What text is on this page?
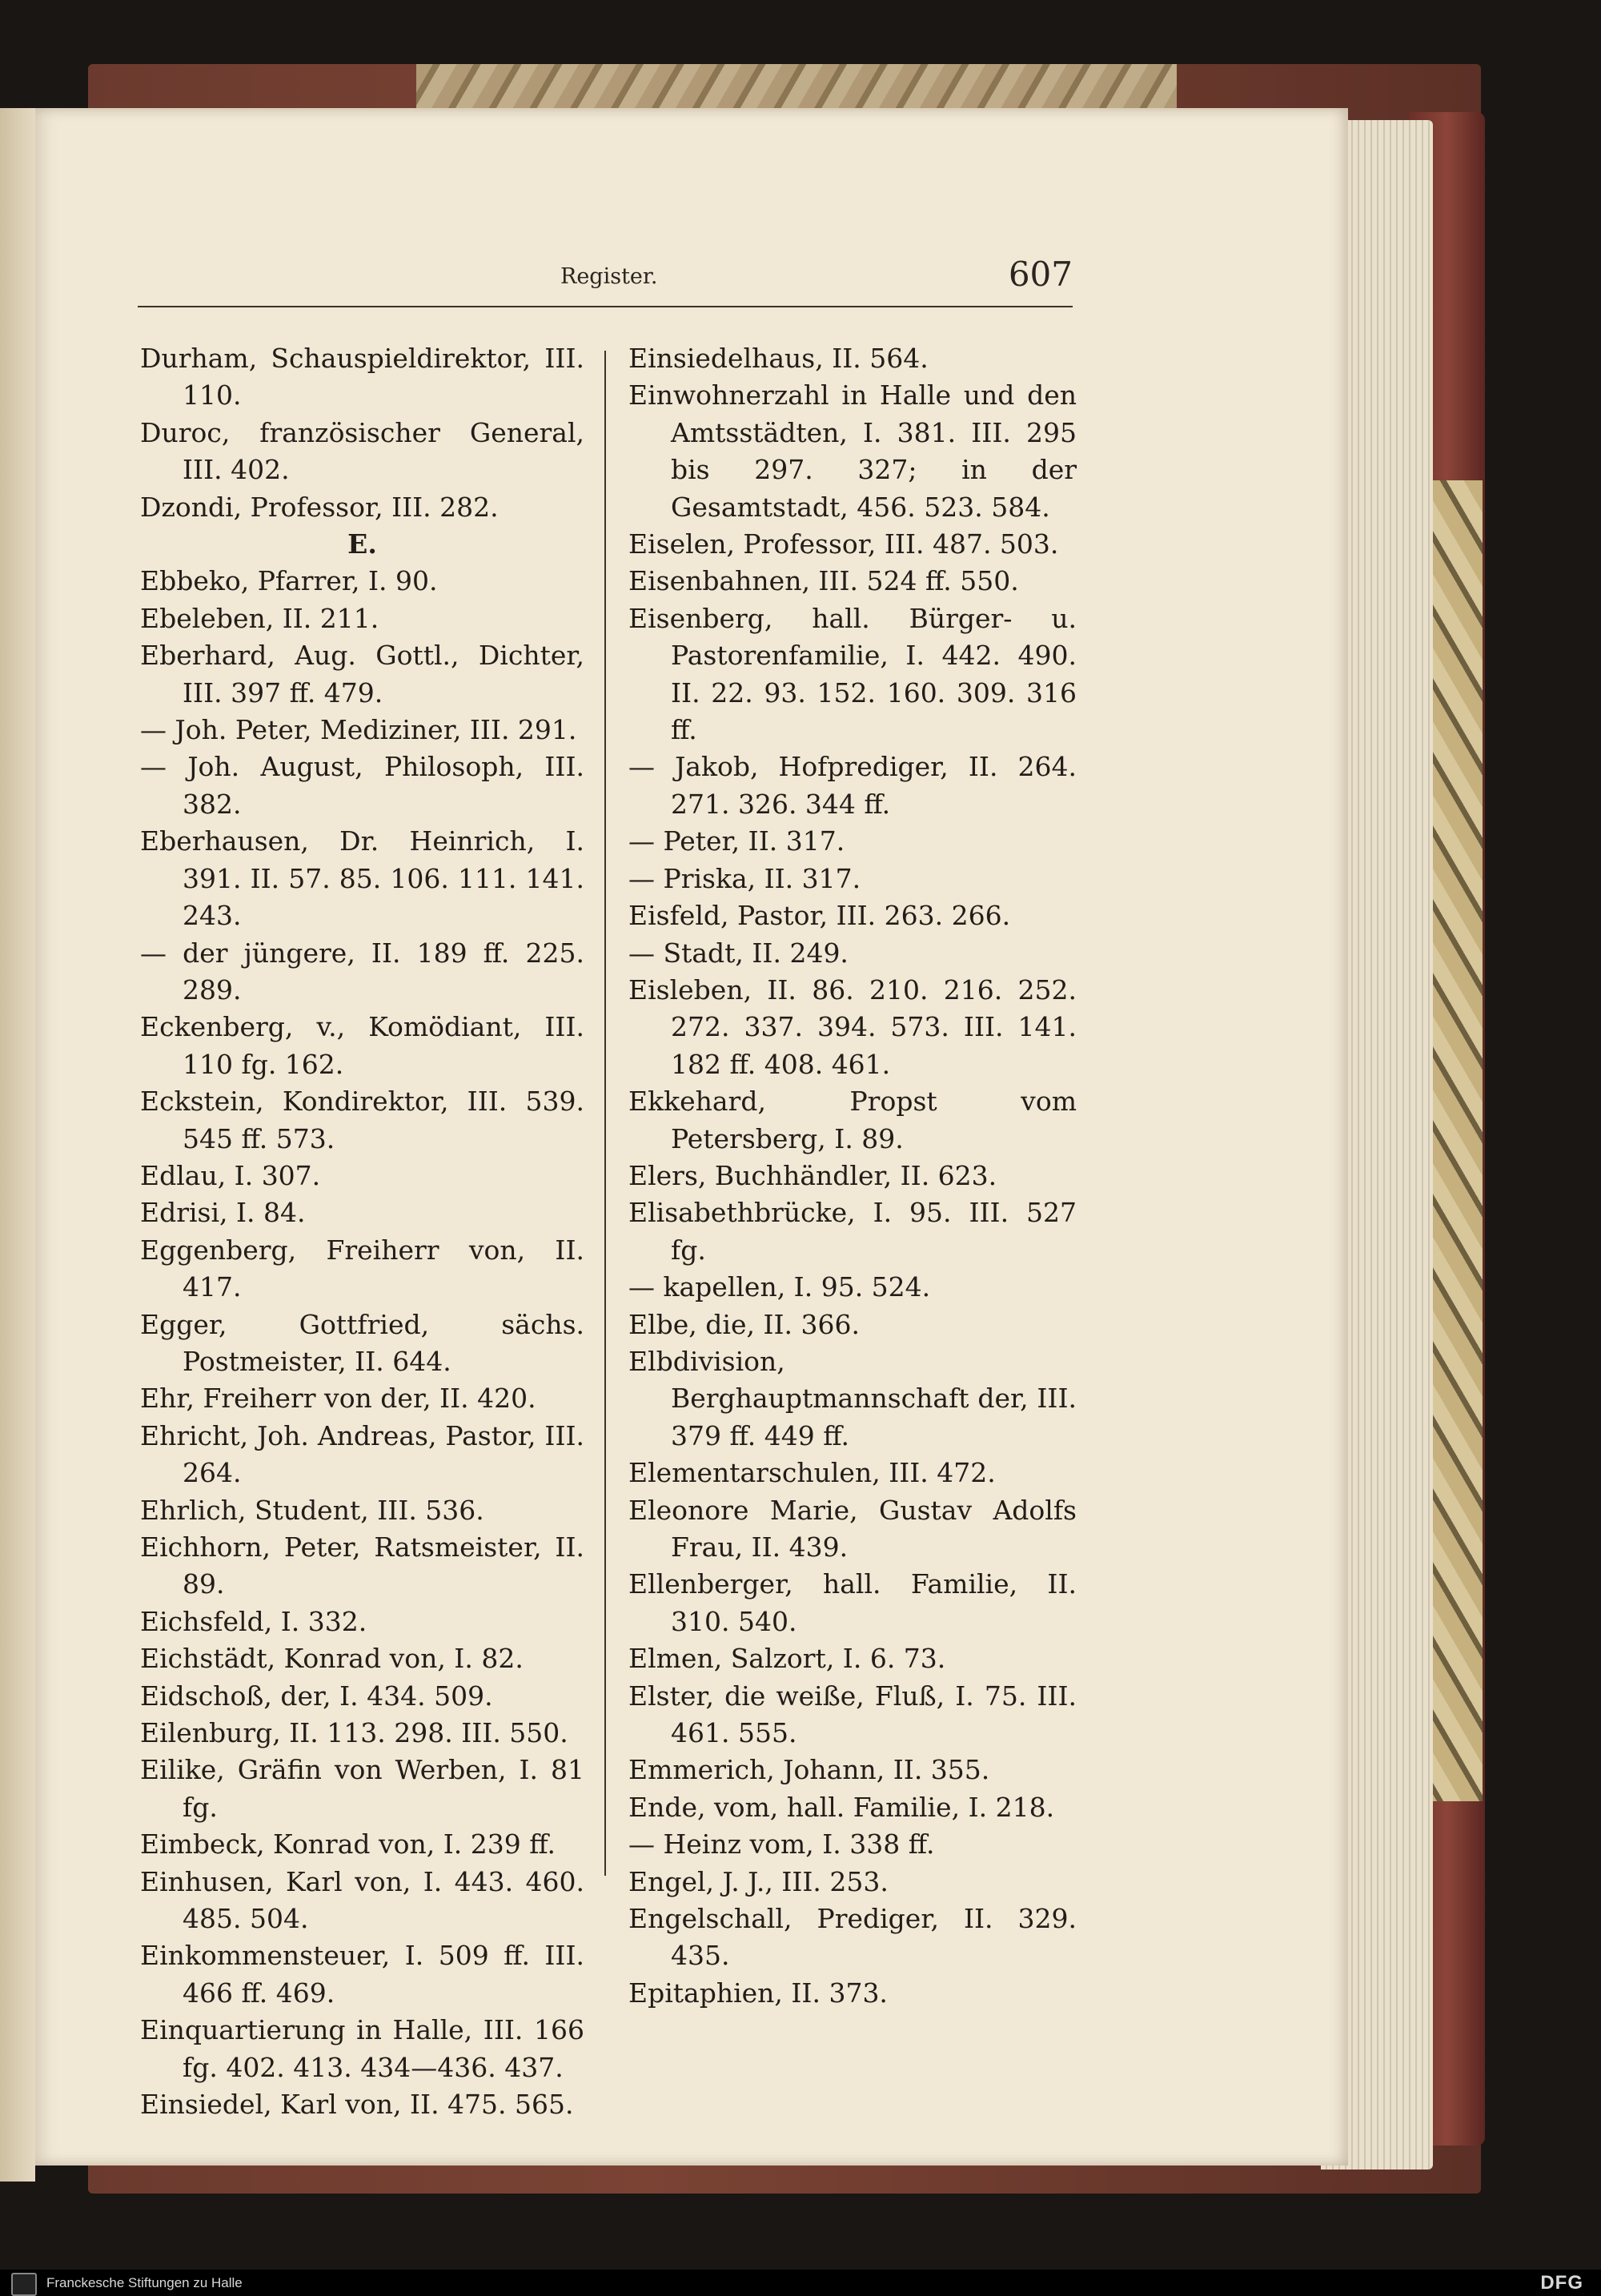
Register.	607
Durham, Schauspieldirektor, III. 110.
Duroc, französischer General, III. 402.
Dzondi, Professor, III. 282.
E.
Ebbeko, Pfarrer, I. 90.
Ebeleben, II. 211.
Eberhard, Aug. Gottl., Dichter, III. 397 ff. 479.
— Joh. Peter, Mediziner, III. 291.
— Joh. August, Philosoph, III. 382.
Eberhausen, Dr. Heinrich, I. 391. II. 57. 85. 106. 111. 141. 243.
— der jüngere, II. 189 ff. 225. 289.
Eckenberg, v., Komödiant, III. 110 fg. 162.
Eckstein, Kondirektor, III. 539. 545 ff. 573.
Edlau, I. 307.
Edrisi, I. 84.
Eggenberg, Freiherr von, II. 417.
Egger, Gottfried, sächs. Postmeister, II. 644.
Ehr, Freiherr von der, II. 420.
Ehricht, Joh. Andreas, Pastor, III. 264.
Ehrlich, Student, III. 536.
Eichhorn, Peter, Ratsmeister, II. 89.
Eichsfeld, I. 332.
Eichstädt, Konrad von, I. 82.
Eidschoß, der, I. 434. 509.
Eilenburg, II. 113. 298. III. 550.
Eilike, Gräfin von Werben, I. 81 fg.
Eimbeck, Konrad von, I. 239 ff.
Einhusen, Karl von, I. 443. 460. 485. 504.
Einkommensteuer, I. 509 ff. III. 466 ff. 469.
Einquartierung in Halle, III. 166 fg. 402. 413. 434—436. 437.
Einsiedel, Karl von, II. 475. 565.
Einsiedelhaus, II. 564.
Einwohnerzahl in Halle und den Amtsstädten, I. 381. III. 295 bis 297. 327; in der Gesamtstadt, 456. 523. 584.
Eiselen, Professor, III. 487. 503.
Eisenbahnen, III. 524 ff. 550.
Eisenberg, hall. Bürger- u. Pastorenfamilie, I. 442. 490. II. 22. 93. 152. 160. 309. 316 ff.
— Jakob, Hofprediger, II. 264. 271. 326. 344 ff.
— Peter, II. 317.
— Priska, II. 317.
Eisfeld, Pastor, III. 263. 266.
— Stadt, II. 249.
Eisleben, II. 86. 210. 216. 252. 272. 337. 394. 573. III. 141. 182 ff. 408. 461.
Ekkehard, Propst vom Petersberg, I. 89.
Elers, Buchhändler, II. 623.
Elisabethbrücke, I. 95. III. 527 fg.
— kapellen, I. 95. 524.
Elbe, die, II. 366.
Elbdivision, Berghauptmannschaft der, III. 379 ff. 449 ff.
Elementarschulen, III. 472.
Eleonore Marie, Gustav Adolfs Frau, II. 439.
Ellenberger, hall. Familie, II. 310. 540.
Elmen, Salzort, I. 6. 73.
Elster, die weiße, Fluß, I. 75. III. 461. 555.
Emmerich, Johann, II. 355.
Ende, vom, hall. Familie, I. 218.
— Heinz vom, I. 338 ff.
Engel, J. J., III. 253.
Engelschall, Prediger, II. 329. 435.
Epitaphien, II. 373.
Franckesche Stiftungen zu Halle	DFG
